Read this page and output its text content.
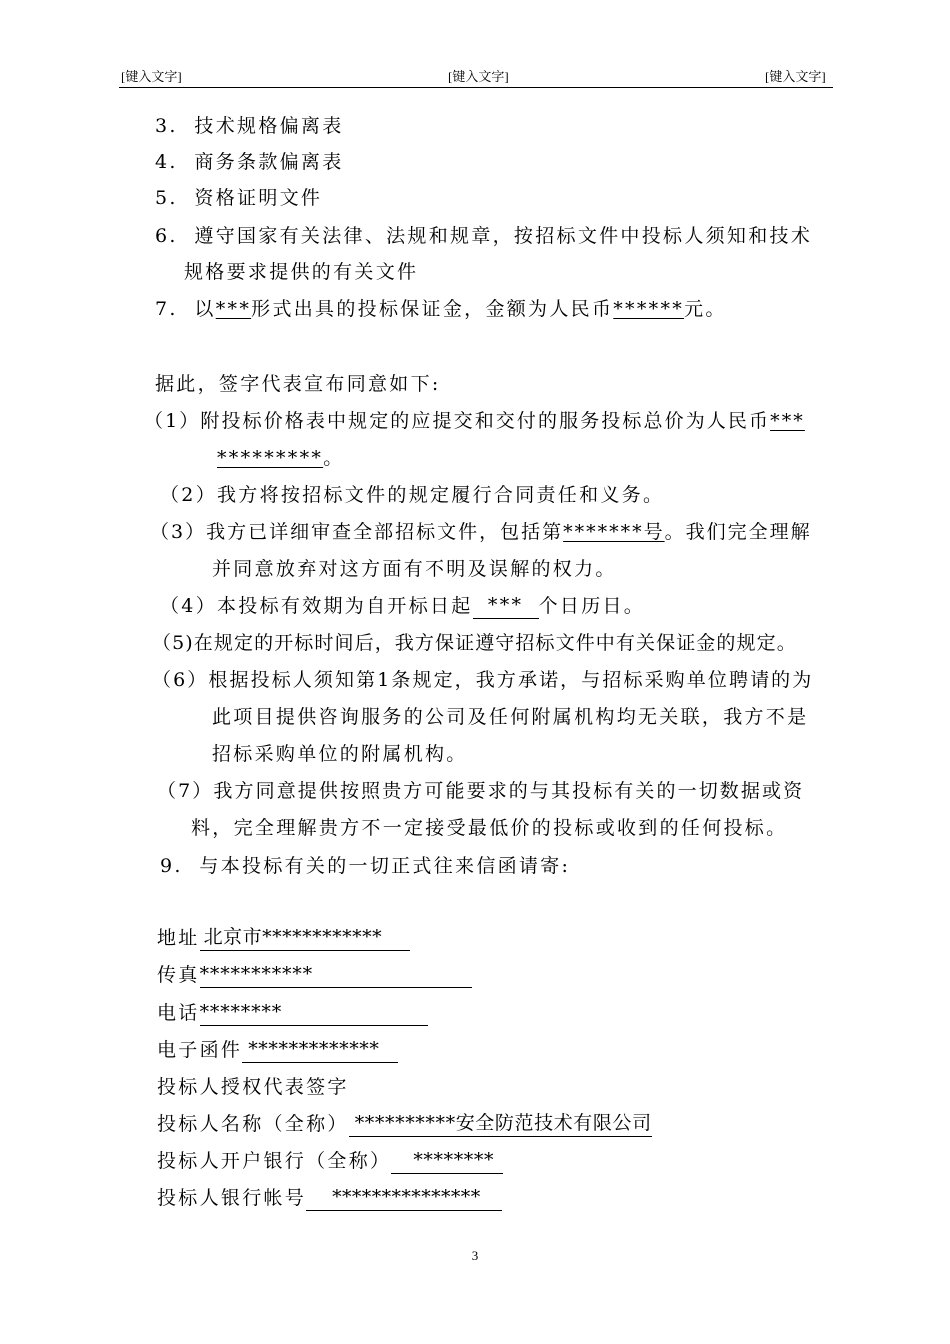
[键入文字]	[键入文字]	[键入文字]
3. 技术规格偏离表
4. 商务条款偏离表
5. 资格证明文件
6. 遵守国家有关法律、法规和规章，按招标文件中投标人须知和技术
规格要求提供的有关文件
7. 以***形式出具的投标保证金，金额为人民币******元。
据此，签字代表宣布同意如下:
（1）附投标价格表中规定的应提交和交付的服务投标总价为人民币***
*********。
（2）我方将按招标文件的规定履行合同责任和义务。
（3）我方已详细审查全部招标文件，包括第*******号。我们完全理解
并同意放弃对这方面有不明及误解的权力。
（4）本投标有效期为自开标日起 *** 个日历日。
（5)在规定的开标时间后，我方保证遵守招标文件中有关保证金的规定。
（6）根据投标人须知第1条规定，我方承诺，与招标采购单位聘请的为
此项目提供咨询服务的公司及任何附属机构均无关联，我方不是
招标采购单位的附属机构。
（7）我方同意提供按照贵方可能要求的与其投标有关的一切数据或资
料，完全理解贵方不一定接受最低价的投标或收到的任何投标。
9. 与本投标有关的一切正式往来信函请寄:
地址 北京市************
传真***********
电话********
电子函件 *************
投标人授权代表签字
投标人名称（全称） **********安全防范技术有限公司
投标人开户银行（全称） ********
投标人银行帐号 ***************
3
